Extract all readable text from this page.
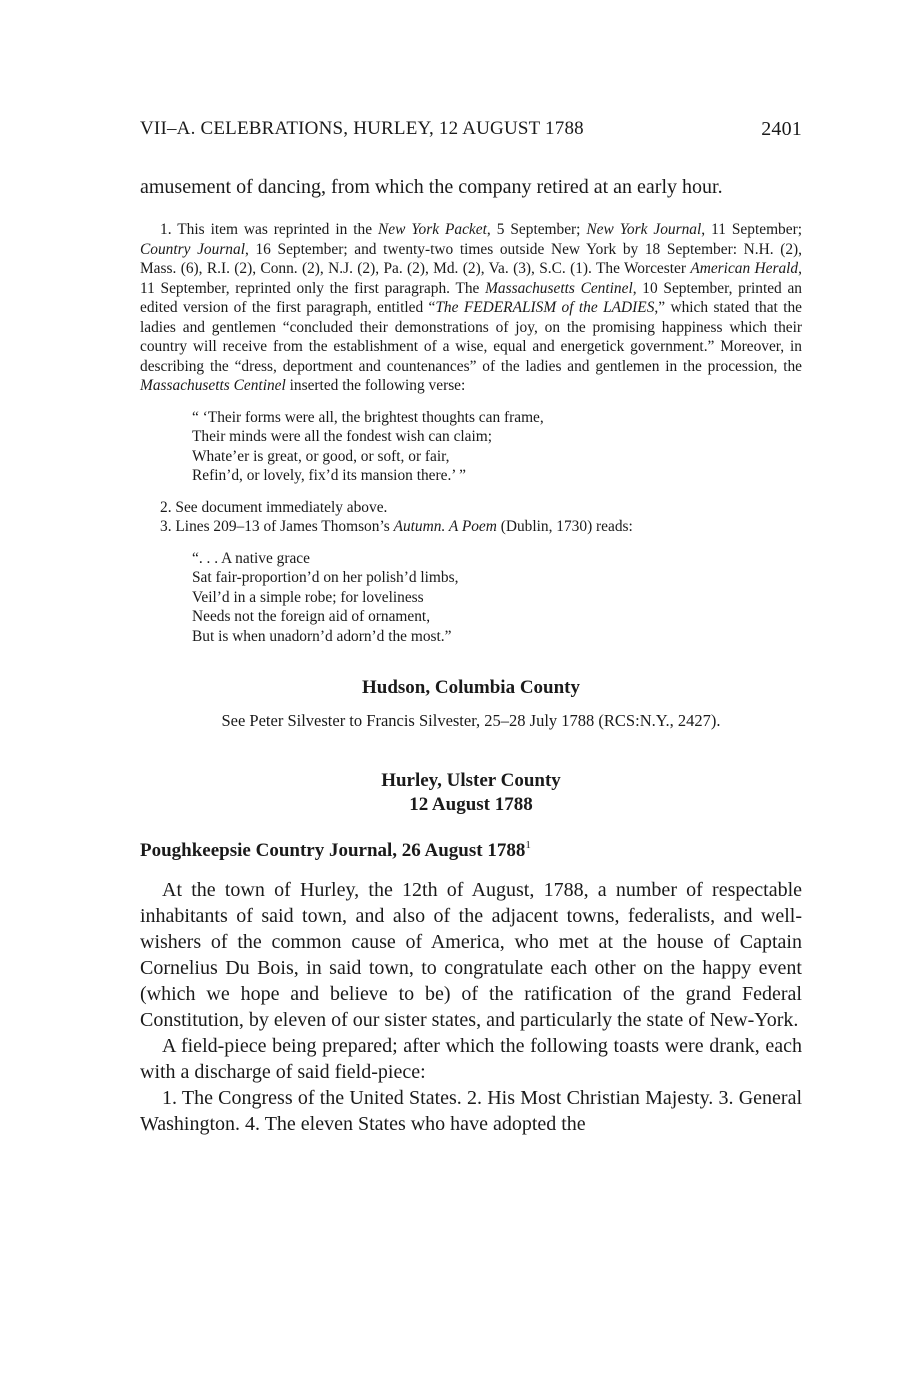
VII–A. CELEBRATIONS, HURLEY, 12 AUGUST 1788	2401

amusement of dancing, from which the company retired at an early hour.

1. This item was reprinted in the New York Packet, 5 September; New York Journal, 11 September; Country Journal, 16 September; and twenty-two times outside New York by 18 September: N.H. (2), Mass. (6), R.I. (2), Conn. (2), N.J. (2), Pa. (2), Md. (2), Va. (3), S.C. (1). The Worcester American Herald, 11 September, reprinted only the first paragraph. The Massachusetts Centinel, 10 September, printed an edited version of the first paragraph, entitled “The FEDERALISM of the LADIES,” which stated that the ladies and gentlemen “concluded their demonstrations of joy, on the promising happiness which their country will receive from the establishment of a wise, equal and energetick government.” Moreover, in describing the “dress, deportment and countenances” of the ladies and gentlemen in the procession, the Massachusetts Centinel inserted the following verse:

“ ‘Their forms were all, the brightest thoughts can frame,
Their minds were all the fondest wish can claim;
Whate’er is great, or good, or soft, or fair,
Refin’d, or lovely, fix’d its mansion there.’ ”

2. See document immediately above.

3. Lines 209–13 of James Thomson’s Autumn. A Poem (Dublin, 1730) reads:

“. . . A native grace
Sat fair-proportion’d on her polish’d limbs,
Veil’d in a simple robe; for loveliness
Needs not the foreign aid of ornament,
But is when unadorn’d adorn’d the most.”

Hudson, Columbia County

See Peter Silvester to Francis Silvester, 25–28 July 1788 (RCS:N.Y., 2427).

Hurley, Ulster County

12 August 1788

Poughkeepsie Country Journal, 26 August 1788$^1$

At the town of Hurley, the 12th of August, 1788, a number of respectable inhabitants of said town, and also of the adjacent towns, federalists, and well-wishers of the common cause of America, who met at the house of Captain Cornelius Du Bois, in said town, to congratulate each other on the happy event (which we hope and believe to be) of the ratification of the grand Federal Constitution, by eleven of our sister states, and particularly the state of New-York.

A field-piece being prepared; after which the following toasts were drank, each with a discharge of said field-piece:

1. The Congress of the United States. 2. His Most Christian Majesty. 3. General Washington. 4. The eleven States who have adopted the
